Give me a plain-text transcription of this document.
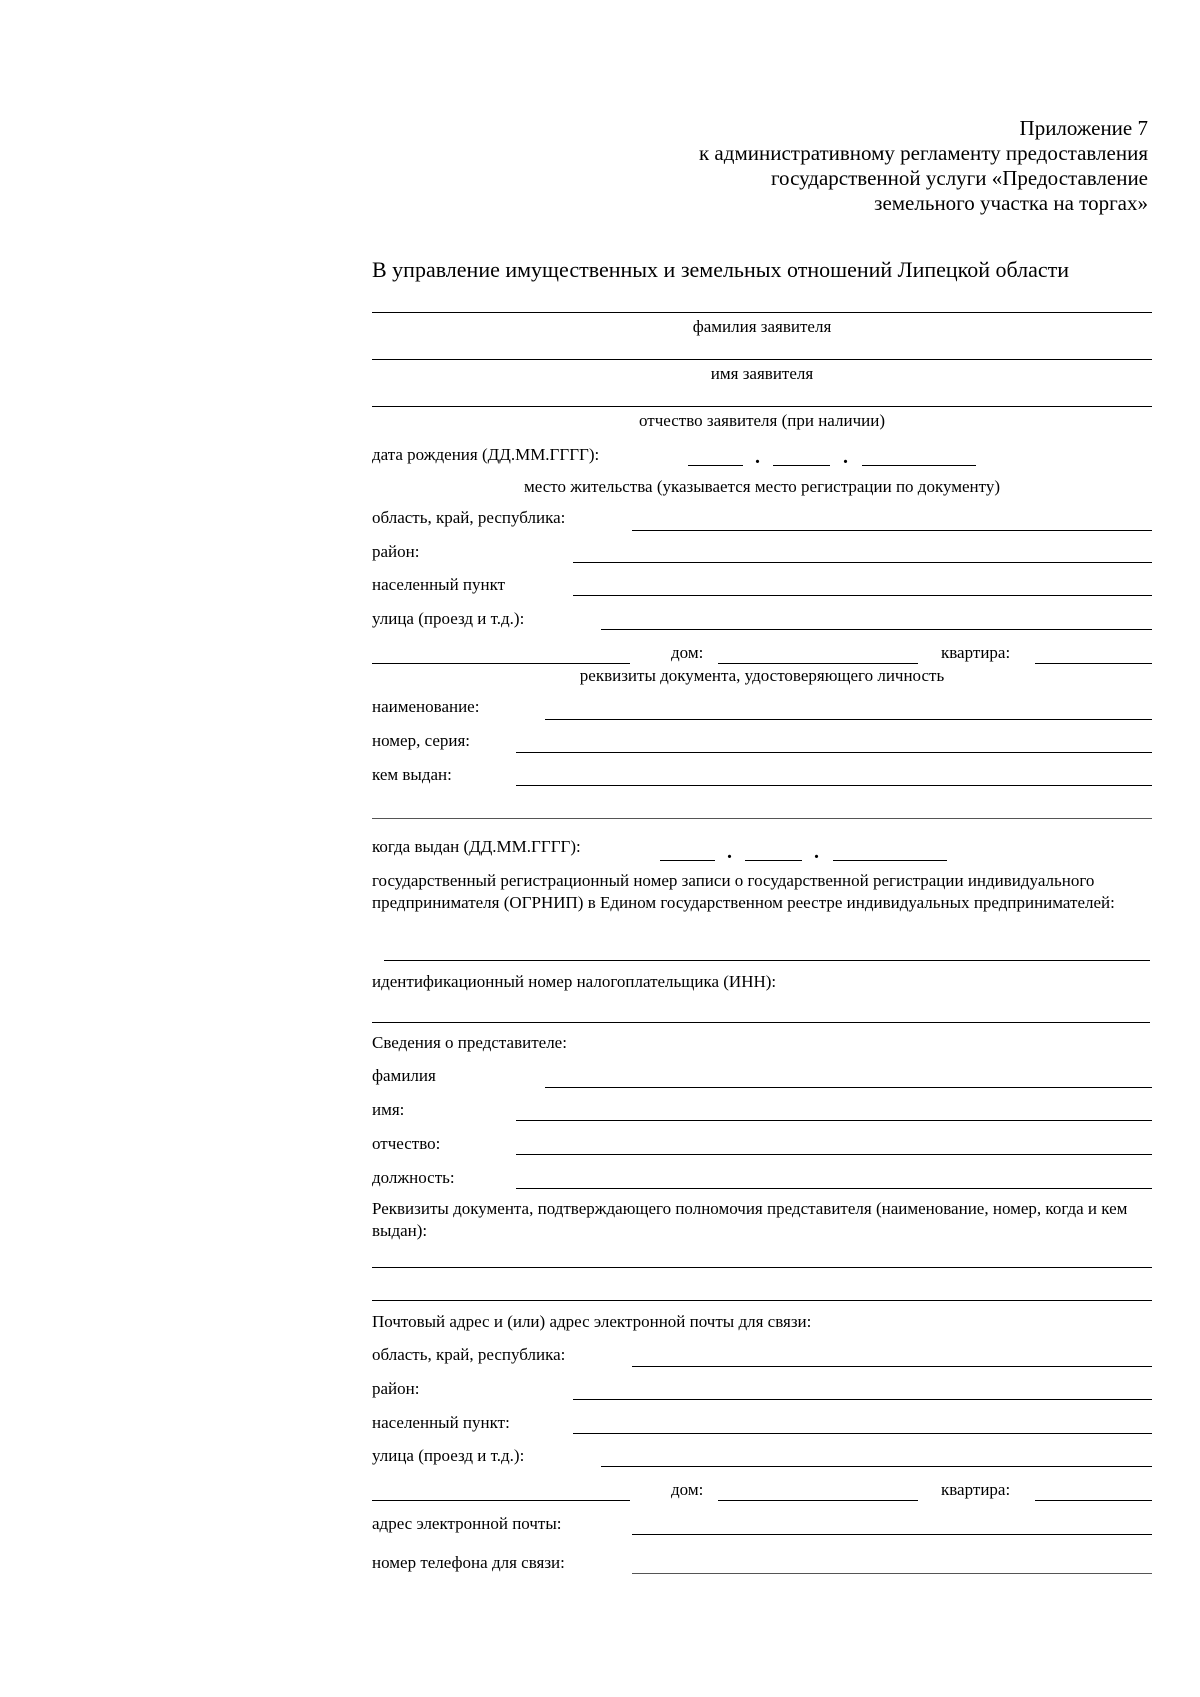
Приложение 7
к административному регламенту предоставления
государственной услуги «Предоставление
земельного участка на торгах»
В управление имущественных и земельных отношений Липецкой области
фамилия заявителя
имя заявителя
отчество заявителя (при наличии)
дата рождения (ДД.ММ.ГГГГ):	.	.
место жительства (указывается место регистрации по документу)
область, край, республика:
район:
населенный пункт
улица (проезд и т.д.):
дом:	квартира:
реквизиты документа, удостоверяющего личность
наименование:
номер, серия:
кем выдан:
когда выдан (ДД.ММ.ГГГГ):	.	.
государственный регистрационный номер записи о государственной регистрации индивидуального предпринимателя (ОГРНИП) в Едином государственном реестре индивидуальных предпринимателей:
идентификационный номер налогоплательщика (ИНН):
Сведения о представителе:
фамилия
имя:
отчество:
должность:
Реквизиты документа, подтверждающего полномочия представителя (наименование, номер, когда и кем выдан):
Почтовый адрес и (или) адрес электронной почты для связи:
область, край, республика:
район:
населенный пункт:
улица (проезд и т.д.):
дом:	квартира:
адрес электронной почты:
номер телефона для связи:
